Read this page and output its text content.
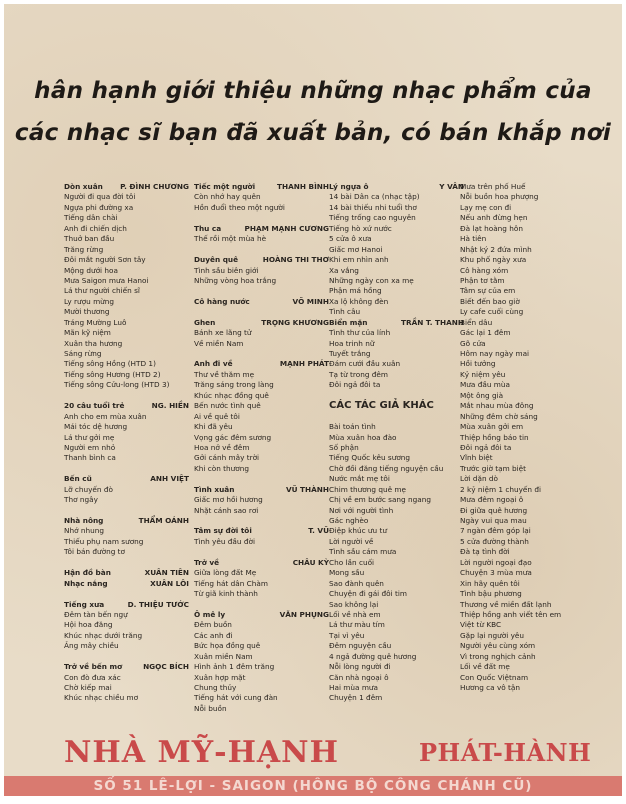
hân hạnh giới thiệu những nhạc phẩm của
các nhạc sĩ bạn đã xuất bản, có bán khắp nơi
Dòn xuân P. ĐÌNH CHƯƠNG
Người đi qua đời tôi
Ngựa phi đường xa
Tiếng dân chài
Anh đi chiến dịch
Thuở ban đầu
Trăng rừng
Đôi mắt người Sơn tây
Mộng dưới hoa
Mưa Saigon mưa Hanoi
Lá thư người chiến sĩ
Ly rượu mừng
Mười thương
Tráng Mường Luô
Mãn kỹ niệm
Xuân tha hương
Sáng rừng
Tiếng sông Hồng (HTD 1)
Tiếng sông Hương (HTD 2)
Tiếng sông Cửu-long (HTD 3)
20 câu tuổi trẻ	NG. HIỀN
Anh cho em mùa xuân
Mái tóc dệ hương
Lá thư gởi mẹ
Người em nhỏ
Thanh bình ca
Bến cũ	ANH VIỆT
Lỡ chuyến đò
Thơ ngây
Nhà nông	THẨM OÁNH
Nhớ nhung
Thiếu phụ nam sương
Tôi bán đường tơ
Hận đồ bàn	XUÂN TIÊN
Nhạc nắng	XUÂN LÔI
Tiếng xưa	D. THIỆU TƯỚC
Đêm tàn bến ngự
Hội hoa đăng
Khúc nhạc dưới trăng
Ảng mây chiều
Trở về bến mơ	NGỌC BÍCH
Con đò đưa xác
Chờ kiếp mai
Khúc nhạc chiều mơ
Tiếc một người	THANH BÌNH
Còn nhớ hay quên
Hồn đuổi theo một người
Thu ca	PHẠM MẠNH CƯƠNG
Thế rồi một mùa hè
Duyên quê	HOÀNG THI THƠ
Tình sầu biên giới
Những vòng hoa trắng
Cô hàng nước	VÕ MINH
Ghen	TRỌNG KHƯƠNG
Bánh xe lãng tử
Về miền Nam
Anh đi về	MẠNH PHÁT
Thư về thăm mẹ
Trăng sáng trong làng
Khúc nhạc đồng quê
Bến nước tình quê
Ai về quê tôi
Khi đã yêu
Vọng gác đêm sương
Hoa nở về đêm
Gởi cánh mây trời
Khi còn thương
Tình xuân	VŨ THÀNH
Giấc mơ hồi hương
Nhặt cánh sao rơi
Tâm sự đời tôi	T. VŨ
Tình yêu đầu đời
Trở về	CHÂU KỲ
Giữa lòng đất Mẹ
Tiếng hát dân Chàm
Từ giã kinh thành
Ô mê ly	VĂN PHỤNG
Đêm buồn
Các anh đi
Bức họa đồng quê
Xuân miền Nam
Hình ảnh 1 đêm trăng
Xuân hợp mặt
Chung thủy
Tiếng hát với cung đàn
Nỗi buồn
Lý ngựa ô	Y VÂN
14 bài Dân ca (nhạc tập)
14 bài thiếu nhi tuổi thơ
Tiếng trống cao nguyên
Tiếng hò xứ nước
5 cửa ô xưa
Giấc mơ Hanoi
Khi em nhìn anh
Xa vắng
Những ngày con xa mẹ
Phận má hồng
Xa lộ không đèn
Tình câu
Biển mặn	TRẦN T. THANH
Tình thư của lính
Hoa trinh nữ
Tuyết trắng
Đám cưới đầu xuân
Tạ từ trong đêm
Đôi ngả đôi ta
CÁC TÁC GIẢ KHÁC
Bài toán tình
Mùa xuân hoa đào
Số phận
Tiếng Quốc kêu sương
Chờ đồi đăng tiếng nguyện cầu
Nước mắt mẹ tôi
Chim thương quê mẹ
Chị về em bước sang ngang
Nơi với người tình
Gác nghèo
Điệp khúc ưu tư
Lời người về
Tình sầu cám mưa
Cho lần cuối
Mong sầu
Sao đành quên
Chuyện đi gái đôi tim
Sao không lại
Lối về nhà em
Lá thư màu tím
Tại vì yêu
Đêm nguyện cầu
4 ngả đường quê hương
Nỗi lòng người đi
Căn nhà ngoại ô
Hai mùa mưa
Chuyện 1 đêm
Mưa trên phố Huế
Nỗi buồn hoa phượng
Lạy mẹ con đi
Nếu anh đừng hẹn
Đà lạt hoàng hôn
Hà tiên
Nhật ký 2 đứa mình
Khu phố ngày xưa
Cô hàng xóm
Phận tơ tằm
Tâm sự của em
Biết đến bao giờ
Ly cafe cuối cùng
Biển dâu
Gác lại 1 đêm
Gõ cửa
Hôm nay ngày mai
Hồi tưởng
Kỷ niệm yêu
Mưa đầu mùa
Một ông già
Mắt nhau mùa đông
Những đêm chờ sáng
Mùa xuân gởi em
Thiệp hồng báo tin
Đôi ngả đôi ta
Vĩnh biệt
Trước giờ tạm biệt
Lời dặn dò
2 kỷ niệm 1 chuyến đi
Mưa đêm ngoại ô
Đi giữa quê hương
Ngày vui qua mau
7 ngàn đêm góp lại
5 cửa đường thành
Đà tạ tình đời
Lời người ngoại đạo
Chuyện 3 mùa mưa
Xin hãy quên tôi
Tình bậu phương
Thương về miền đất lạnh
Thiệp hồng anh viết tên em
Việt từ KBC
Gặp lại người yêu
Người yêu cùng xóm
Vì trong nghịch cảnh
Lối về đất mẹ
Con Quốc Việtnam
Hương ca vô tận
NHÀ MỸ-HẠNH	PHÁT-HÀNH
SỐ 51 LÊ-LỢI - SAIGON (HÔNG BỘ CÔNG CHÁNH CŨ)
